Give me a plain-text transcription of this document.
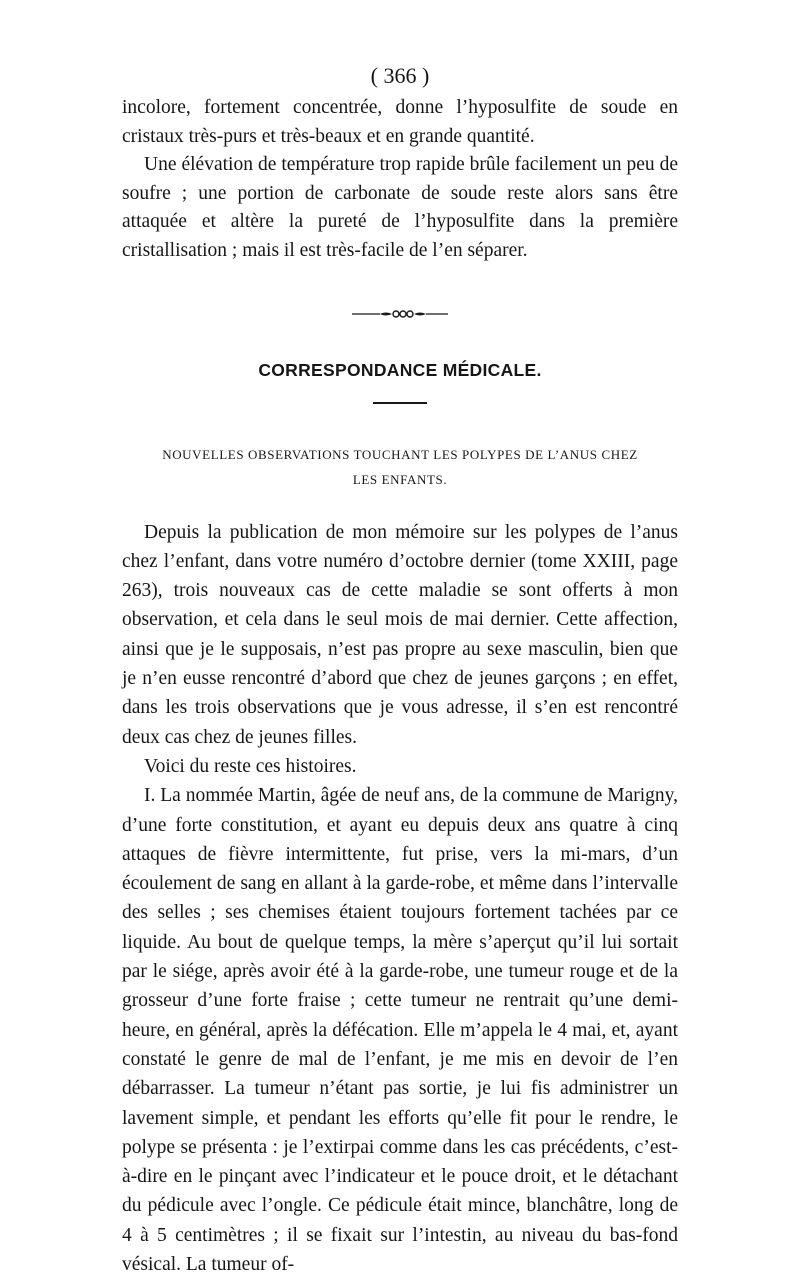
( 366 )

incolore, fortement concentrée, donne l’hyposulfite de soude en cristaux très-purs et très-beaux et en grande quantité.

Une élévation de température trop rapide brûle facilement un peu de soufre ; une portion de carbonate de soude reste alors sans être attaquée et altère la pureté de l’hyposulfite dans la première cristallisation ; mais il est très-facile de l’en séparer.

CORRESPONDANCE MÉDICALE.
NOUVELLES OBSERVATIONS TOUCHANT LES POLYPES DE L’ANUS CHEZ
LES ENFANTS.

Depuis la publication de mon mémoire sur les polypes de l’anus chez l’enfant, dans votre numéro d’octobre dernier (tome XXIII, page 263), trois nouveaux cas de cette maladie se sont offerts à mon observation, et cela dans le seul mois de mai dernier. Cette affection, ainsi que je le supposais, n’est pas propre au sexe masculin, bien que je n’en eusse rencontré d’abord que chez de jeunes garçons ; en effet, dans les trois observations que je vous adresse, il s’en est rencontré deux cas chez de jeunes filles.

Voici du reste ces histoires.

I. La nommée Martin, âgée de neuf ans, de la commune de Marigny, d’une forte constitution, et ayant eu depuis deux ans quatre à cinq attaques de fièvre intermittente, fut prise, vers la mi-mars, d’un écoulement de sang en allant à la garde-robe, et même dans l’intervalle des selles ; ses chemises étaient toujours fortement tachées par ce liquide. Au bout de quelque temps, la mère s’aperçut qu’il lui sortait par le siége, après avoir été à la garde-robe, une tumeur rouge et de la grosseur d’une forte fraise ; cette tumeur ne rentrait qu’une demi-heure, en général, après la défécation. Elle m’appela le 4 mai, et, ayant constaté le genre de mal de l’enfant, je me mis en devoir de l’en débarrasser. La tumeur n’étant pas sortie, je lui fis administrer un lavement simple, et pendant les efforts qu’elle fit pour le rendre, le polype se présenta : je l’extirpai comme dans les cas précédents, c’est-à-dire en le pinçant avec l’indicateur et le pouce droit, et le détachant du pédicule avec l’ongle. Ce pédicule était mince, blanchâtre, long de 4 à 5 centimètres ; il se fixait sur l’intestin, au niveau du bas-fond vésical. La tumeur of-
